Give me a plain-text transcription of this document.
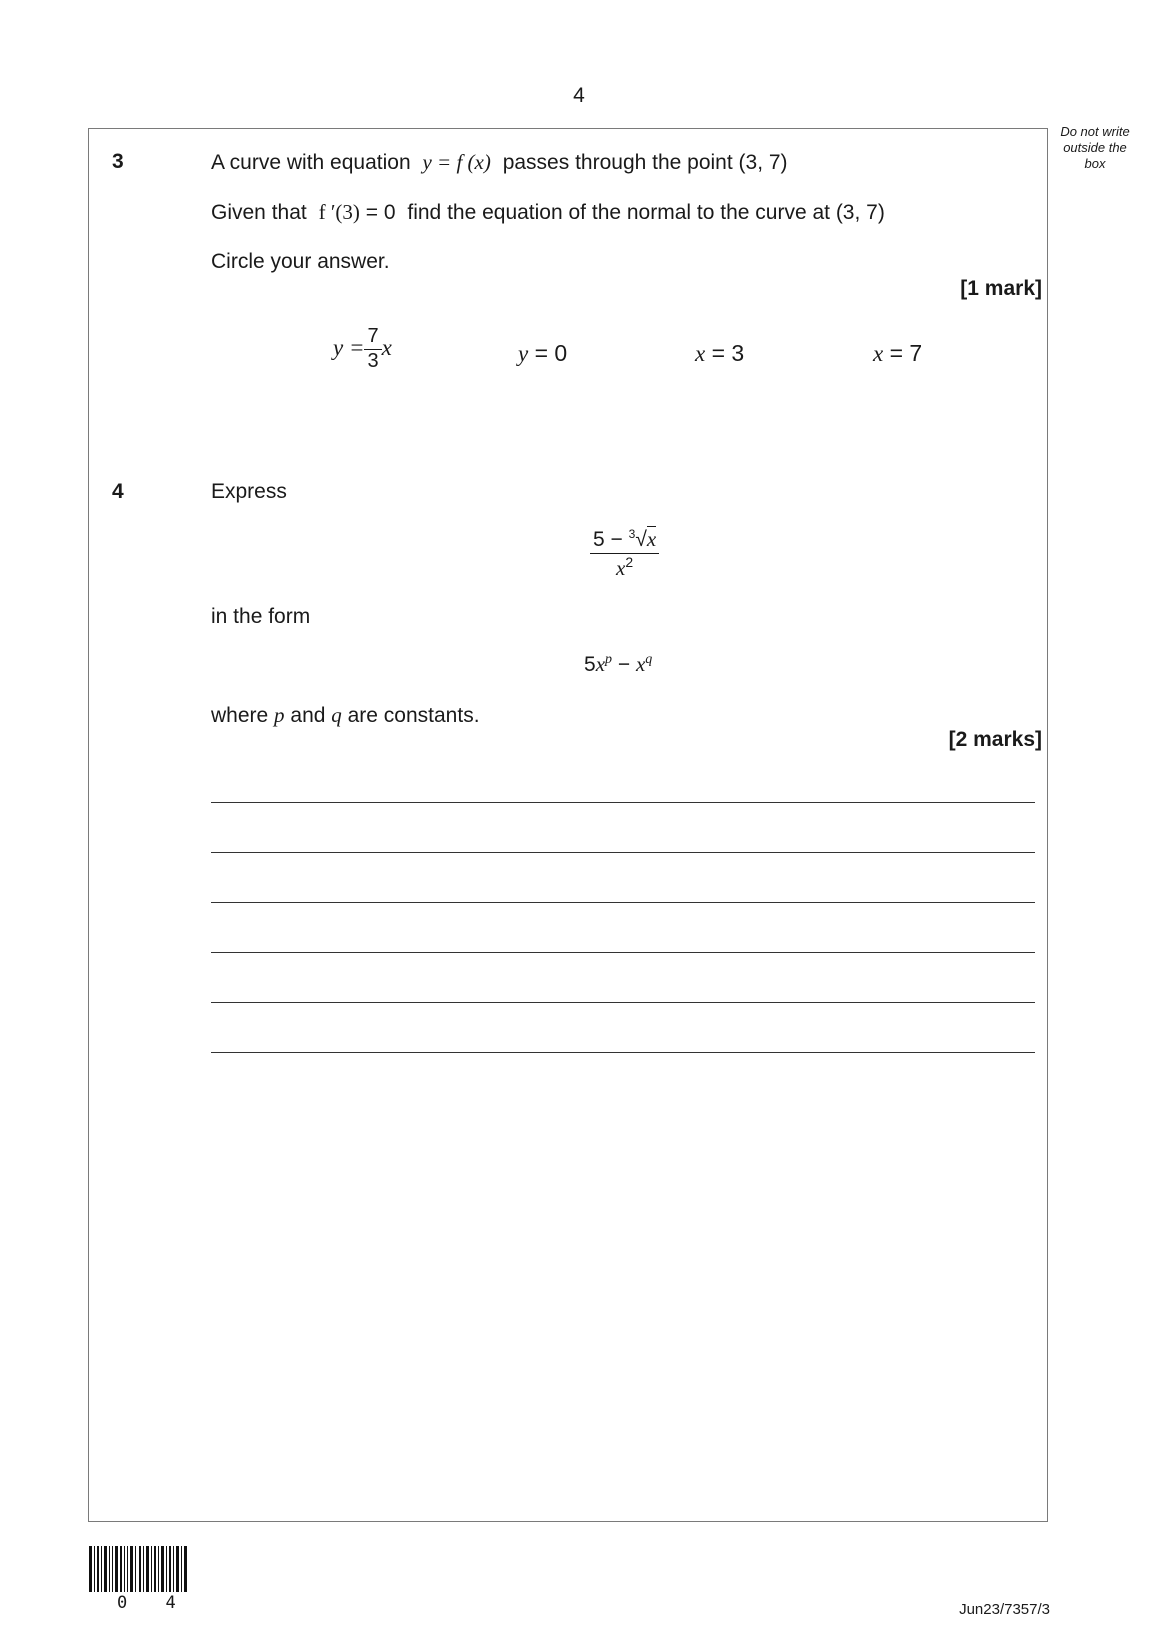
4
Do not write
outside the
box
3	A curve with equation y = f (x) passes through the point (3, 7)
Given that f ′(3) = 0 find the equation of the normal to the curve at (3, 7)
Circle your answer.
[1 mark]
$y = \frac{7}{3}$ x	y = 0	x = 3	x = 7
4	Express
$\frac{5 - ^3√x}{x^2}$
in the form
$5x^p - x^q$
where p and q are constants.
[2 marks]
0 4	Jun23/7357/3
